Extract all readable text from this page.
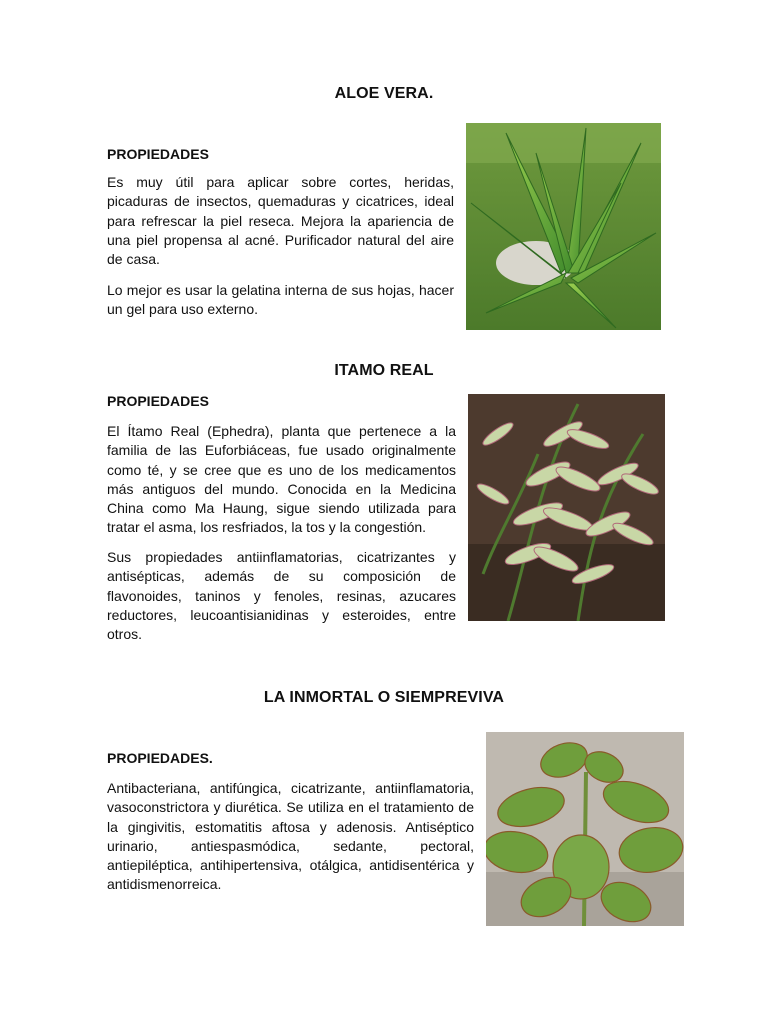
ALOE VERA.
PROPIEDADES

Es muy útil para aplicar sobre cortes, heridas, picaduras de insectos, quemaduras y cicatrices, ideal para refrescar la piel reseca. Mejora la apariencia de una piel propensa al acné. Purificador natural del aire de casa.

Lo mejor es usar la gelatina interna de sus hojas, hacer un gel para uso externo.

ITAMO REAL
PROPIEDADES

El Ítamo Real (Ephedra), planta que pertenece a la familia de las Euforbiáceas, fue usado originalmente como té, y se cree que es uno de los medicamentos más antiguos del mundo. Conocida en la Medicina China como Ma Haung, sigue siendo utilizada para tratar el asma, los resfriados, la tos y la congestión.

Sus propiedades antiinflamatorias, cicatrizantes y antisépticas, además de su composición de flavonoides, taninos y fenoles, resinas, azucares reductores, leucoantisianidinas y esteroides, entre otros.

LA INMORTAL O SIEMPREVIVA
PROPIEDADES.

Antibacteriana, antifúngica, cicatrizante, antiinflamatoria, vasoconstrictora y diurética. Se utiliza en el tratamiento de la gingivitis, estomatitis aftosa y adenosis. Antiséptico urinario, antiespasmódica, sedante, pectoral, antiepiléptica, antihipertensiva, otálgica, antidisentérica y antidismenorreica.
